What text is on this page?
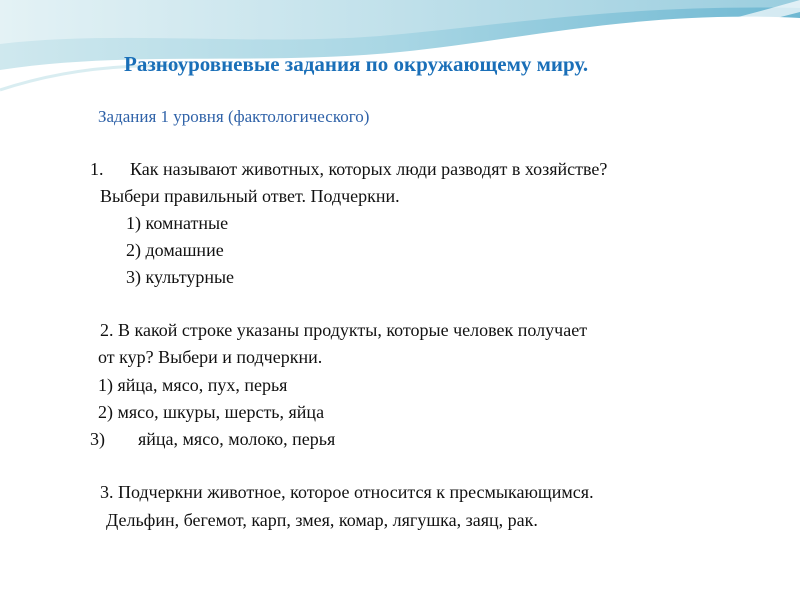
Разноуровневые задания по окружающему миру.
Задания 1 уровня (фактологического)
1. Как называют животных, которых люди разводят в хозяйстве?
Выбери правильный ответ. Подчеркни.
1) комнатные
2) домашние
3) культурные
2. В какой строке указаны продукты, которые человек получает
от кур? Выбери и подчеркни.
1) яйца, мясо, пух, перья
2) мясо, шкуры, шерсть, яйца
3) яйца, мясо, молоко, перья
3. Подчеркни животное, которое относится к пресмыкающимся.
Дельфин, бегемот, карп, змея, комар, лягушка, заяц, рак.
